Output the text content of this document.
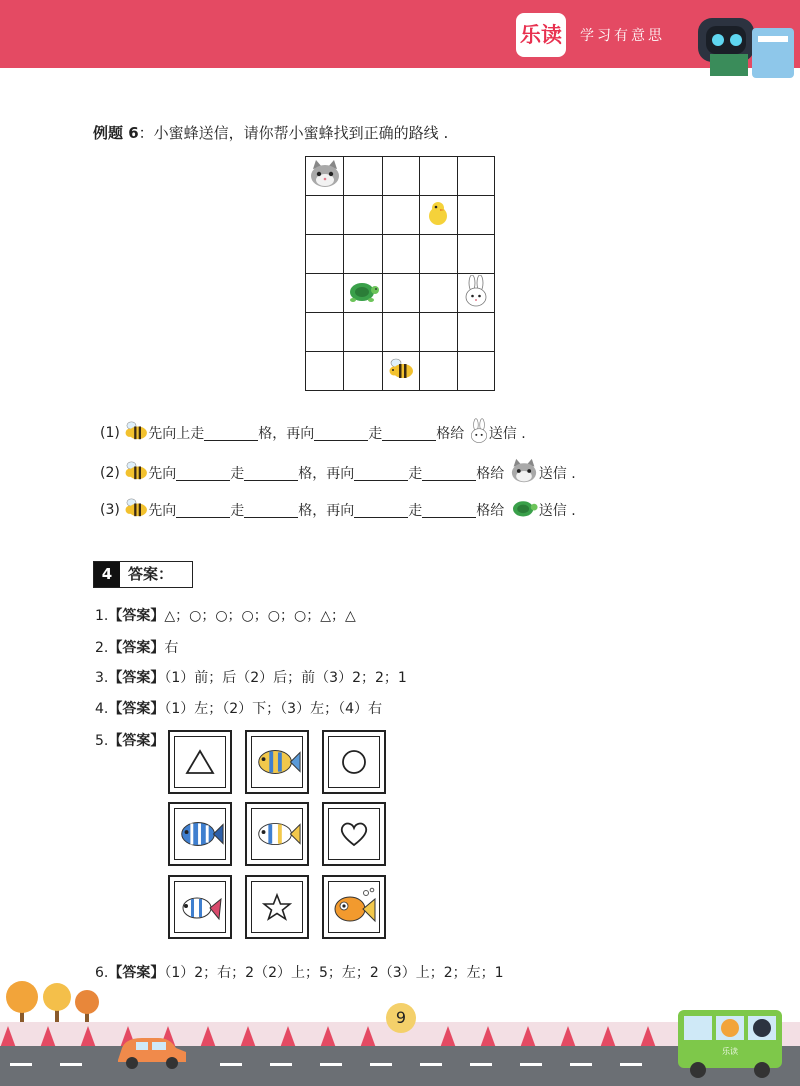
乐读 学习有意思
例题 6：小蜜蜂送信，请你帮小蜜蜂找到正确的路线 .

(1) 先向上走	格，再向	走	格给 送信 .
(2) 先向	走	格，再向	走	格给 送信 .
(3) 先向	走	格，再向	走	格给 送信 .
4	答案：
1.【答案】△；○；○；○；○；○；△；△
2.【答案】右
3.【答案】（1）前；后（2）后；前（3）2；2；1
4.【答案】（1）左；（2）下；（3）左；（4）右
5.【答案】
6.【答案】（1）2；右；2（2）上；5；左；2（3）上；2；左；1
9
乐读
